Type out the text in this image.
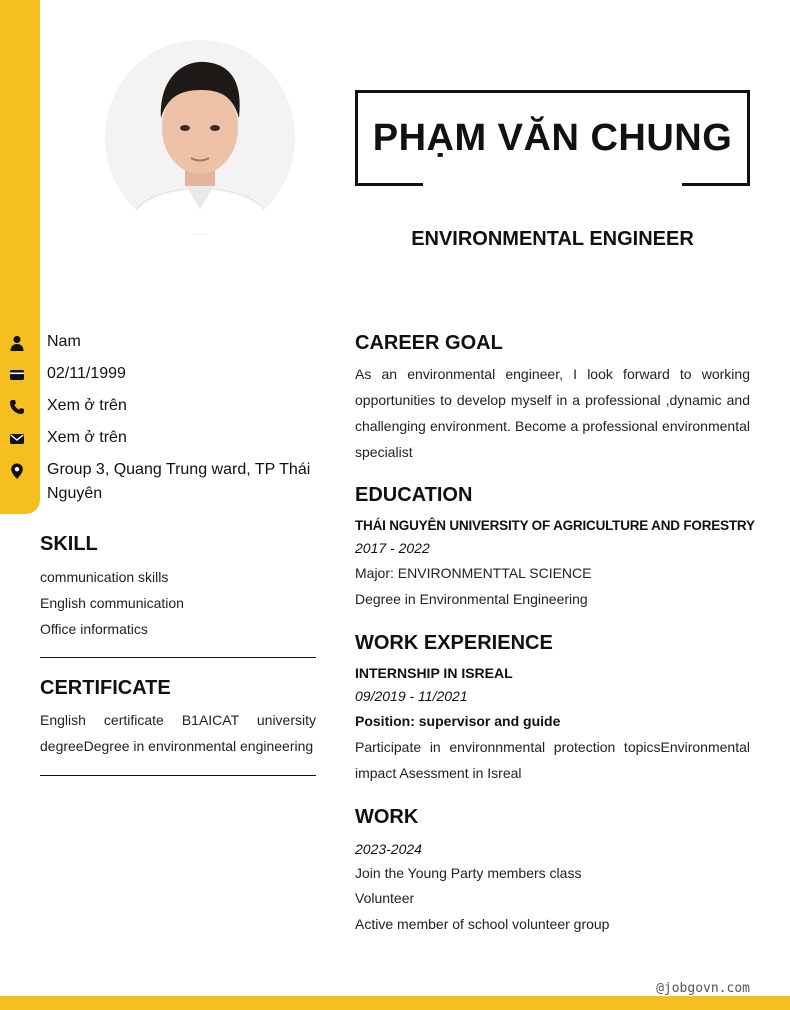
PHẠM VĂN CHUNG
ENVIRONMENTAL ENGINEER
Nam
02/11/1999
Xem ở trên
Xem ở trên
Group 3, Quang Trung ward, TP Thái Nguyên
SKILL
communication skills
English communication
Office informatics
CERTIFICATE
English certificate B1AICAT university degreeDegree in environmental engineering
CAREER GOAL
As an environmental engineer, I look forward to working opportunities to develop myself in a professional ,dynamic and challenging environment. Become a professional environmental specialist
EDUCATION
THÁI NGUYÊN UNIVERSITY OF AGRICULTURE AND FORESTRY
2017 - 2022
Major: ENVIRONMENTTAL SCIENCE
Degree in Environmental Engineering
WORK EXPERIENCE
INTERNSHIP IN ISREAL
09/2019 - 11/2021
Position: supervisor and guide
Participate in environnmental protection topicsEnvironmental impact Asessment in Isreal
WORK
2023-2024
Join the Young Party members class
Volunteer
Active member of school volunteer group
@jobgovn.com
